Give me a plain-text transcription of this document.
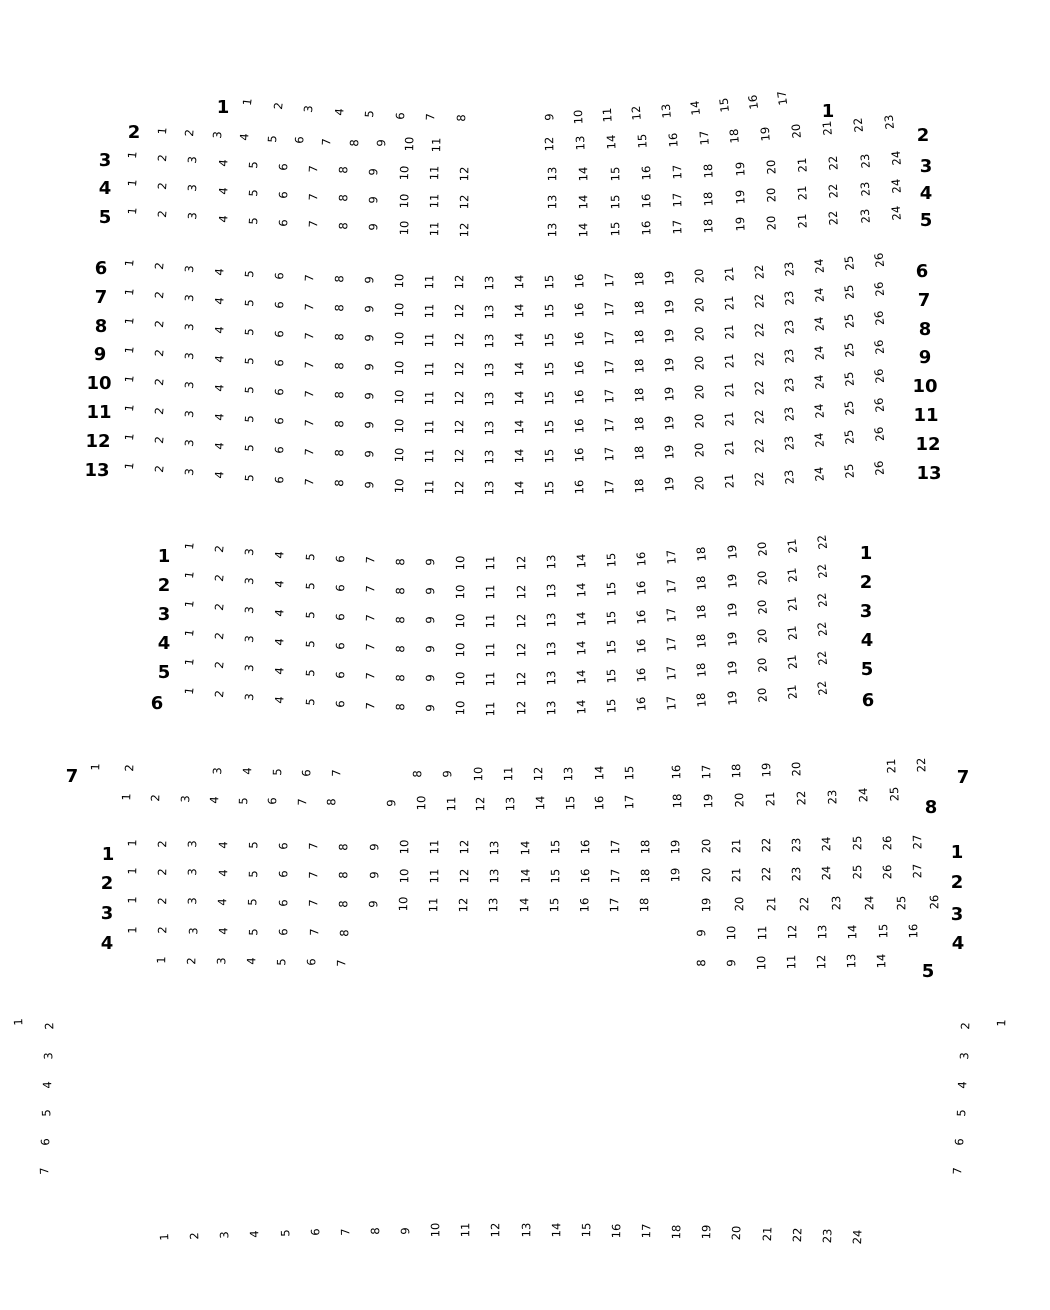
1	1
1 2 3 4 5 6 7 8	9 10 11 12 13 14 15 16 17
2	2
1 2 3 4 5 6 7 8 9 10 11	12 13 14 15 16 17 18 19 20 21 22 23
3	3
1 2 3 4 5 6 7 8 9 10 11 12	13 14 15 16 17 18 19 20 21 22 23 24
4	4
1 2 3 4 5 6 7 8 9 10 11 12	13 14 15 16 17 18 19 20 21 22 23 24
5	5
1 2 3 4 5 6 7 8 9 10 11 12	13 14 15 16 17 18 19 20 21 22 23 24
6	6
1 2 3 4 5 6 7 8 9 10 11 12 13 14 15 16 17 18 19 20 21 22 23 24 25 26
7	7
1 2 3 4 5 6 7 8 9 10 11 12 13 14 15 16 17 18 19 20 21 22 23 24 25 26
8	8
1 2 3 4 5 6 7 8 9 10 11 12 13 14 15 16 17 18 19 20 21 22 23 24 25 26
9	9
1 2 3 4 5 6 7 8 9 10 11 12 13 14 15 16 17 18 19 20 21 22 23 24 25 26
10	10
1 2 3 4 5 6 7 8 9 10 11 12 13 14 15 16 17 18 19 20 21 22 23 24 25 26
11	11
1 2 3 4 5 6 7 8 9 10 11 12 13 14 15 16 17 18 19 20 21 22 23 24 25 26
12	12
1 2 3 4 5 6 7 8 9 10 11 12 13 14 15 16 17 18 19 20 21 22 23 24 25 26
13	13
1 2 3 4 5 6 7 8 9 10 11 12 13 14 15 16 17 18 19 20 21 22 23 24 25 26
1	1
1 2 3 4 5 6 7 8 9 10 11 12 13 14 15 16 17 18 19 20 21 22
2	2
1 2 3 4 5 6 7 8 9 10 11 12 13 14 15 16 17 18 19 20 21 22
3	3
1 2 3 4 5 6 7 8 9 10 11 12 13 14 15 16 17 18 19 20 21 22
4	4
1 2 3 4 5 6 7 8 9 10 11 12 13 14 15 16 17 18 19 20 21 22
5	5
1 2 3 4 5 6 7 8 9 10 11 12 13 14 15 16 17 18 19 20 21 22
6	6
1 2 3 4 5 6 7 8 9 10 11 12 13 14 15 16 17 18 19 20 21 22
7	7
1 2	3 4 5 6 7	8 9 10 11 12 13 14 15	16 17 18 19 20	21 22
8
1 2 3 4 5 6 7 8	9 10 11 12 13 14 15 16 17	18 19 20 21 22 23 24 25
1	1
1 2 3 4 5 6 7 8 9 10 11 12 13 14 15 16 17 18 19 20 21 22 23 24 25 26 27
2	2
1 2 3 4 5 6 7 8 9 10 11 12 13 14 15 16 17 18 19 20 21 22 23 24 25 26 27
3	3
1 2 3 4 5 6 7 8 9 10 11 12 13 14 15 16 17 18	19 20 21 22 23 24 25 26
4	4
1 2 3 4 5 6 7 8	9 10 11 12 13 14 15 16
5
1 2 3 4 5 6 7	8 9 10 11 12 13 14
1 2 3 4 5 6 7 8 9 10 11 12 13 14 15 16 17 18 19 20 21 22 23 24
1
2
3
4
5
6
7
1
2
3
4
5
6
7
